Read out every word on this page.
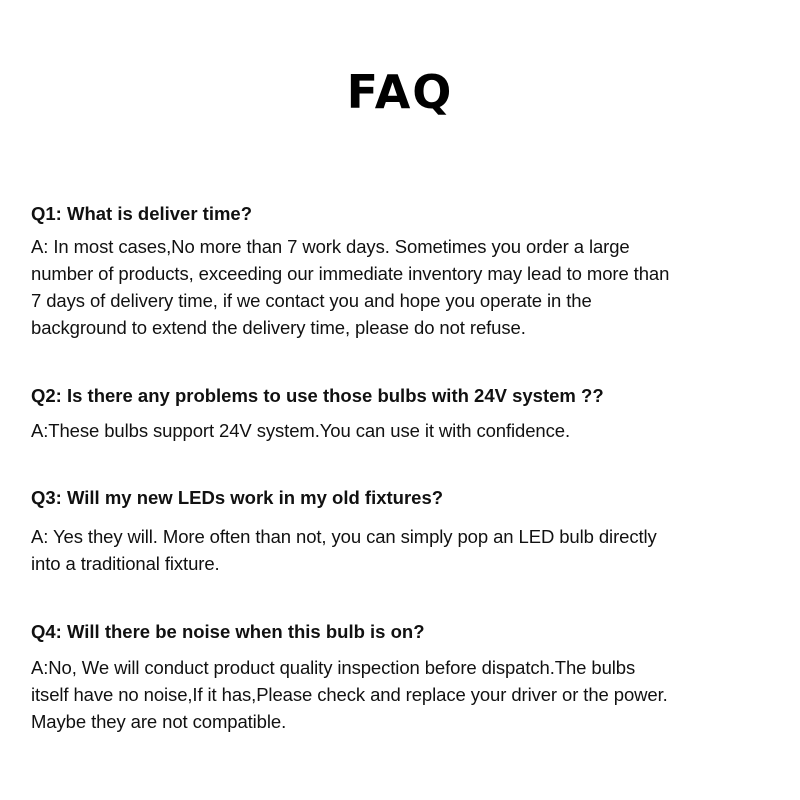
FAQ
Q1: What is deliver time?
A: In most cases,No more than 7 work days. Sometimes you order a large
number of products, exceeding our immediate inventory may lead to more than
7 days of delivery time, if we contact you and hope you operate in the
background to extend the delivery time, please do not refuse.
Q2: Is there any problems to use those bulbs with 24V system ??
A:These bulbs support 24V system.You can use it with confidence.
Q3: Will my new LEDs work in my old fixtures?
A: Yes they will. More often than not, you can simply pop an LED bulb directly
into a traditional fixture.
Q4: Will there be noise when this bulb is on?
A:No, We will conduct product quality inspection before dispatch.The bulbs
itself have no noise,If it has,Please check and replace your driver or the power.
Maybe they are not compatible.
